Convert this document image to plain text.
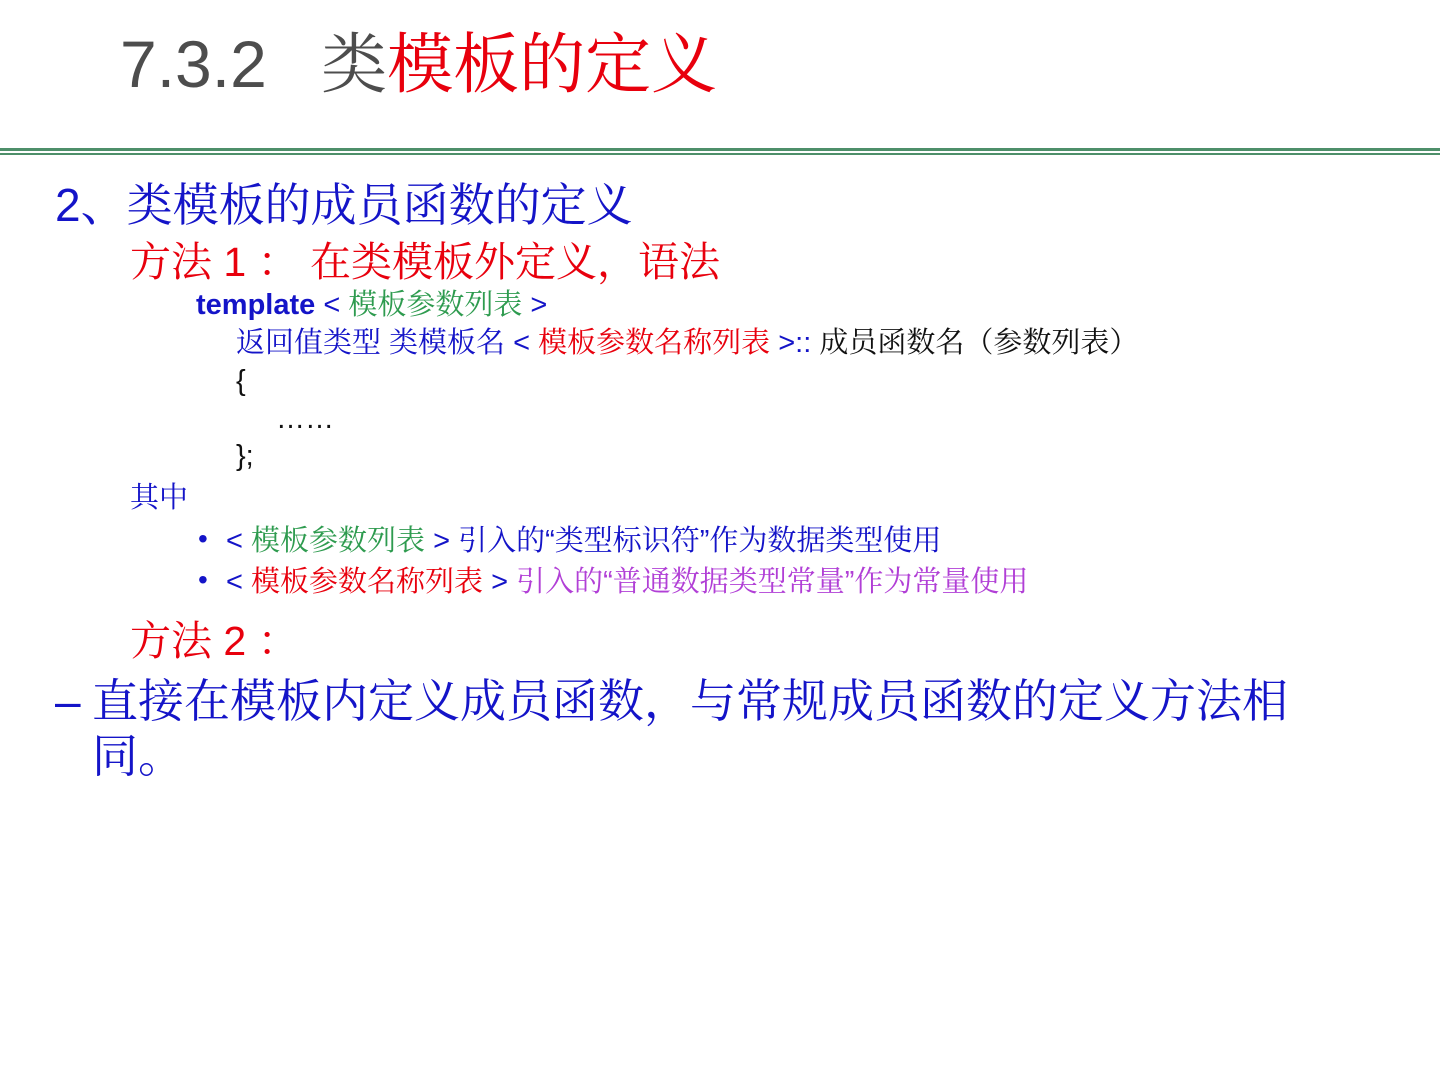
7.3.2 类模板的定义
2、类模板的成员函数的定义
方法 1 ： 在类模板外定义，语法
template < 模板参数列表 >
返回值类型 类模板名 < 模板参数名称列表 >:: 成员函数名（参数列表）
{
……
};
其中
• < 模板参数列表 > 引入的“类型标识符”作为数据类型使用
• < 模板参数名称列表 > 引入的“普通数据类型常量”作为常量使用
方法 2 ：
– 直接在模板内定义成员函数，与常规成员函数的定义方法相同。
